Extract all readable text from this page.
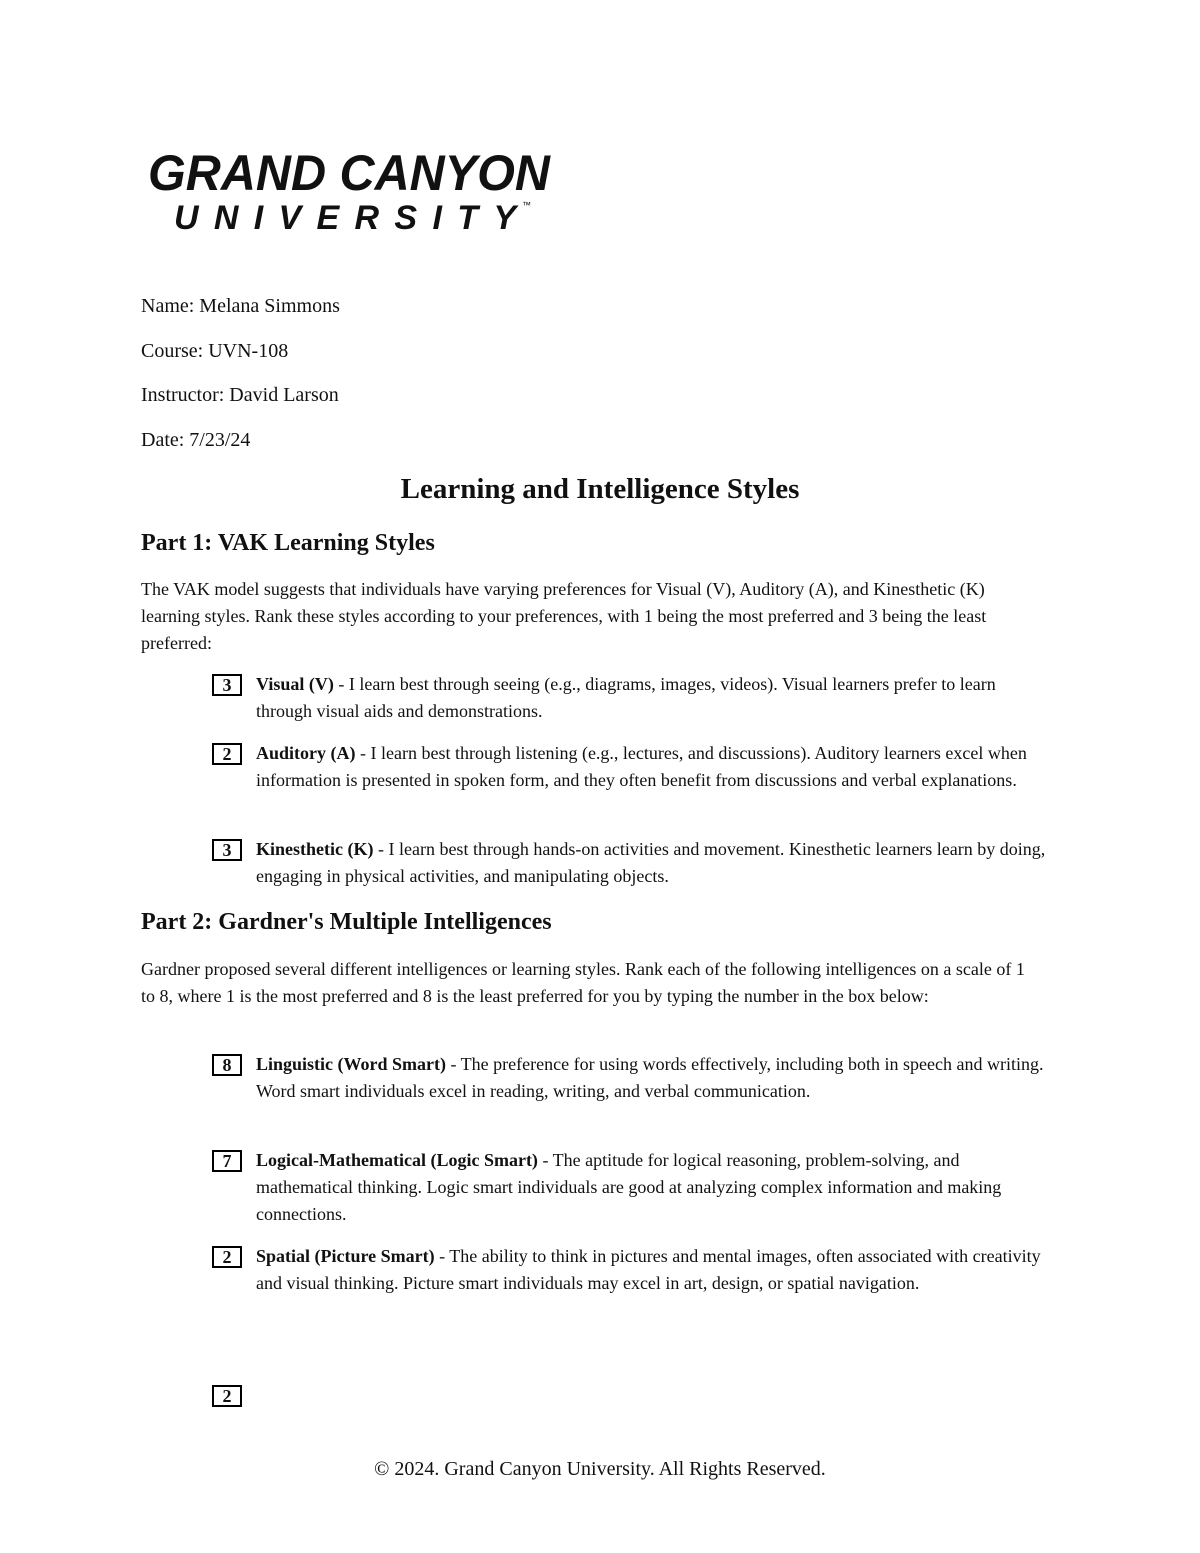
GRAND CANYON
UNIVERSITY ™
Name: Melana Simmons
Course: UVN-108
Instructor: David Larson
Date: 7/23/24
Learning and Intelligence Styles
Part 1: VAK Learning Styles

The VAK model suggests that individuals have varying preferences for Visual (V), Auditory (A), and Kinesthetic (K) learning styles. Rank these styles according to your preferences, with 1 being the most preferred and 3 being the least preferred:

3	Visual (V) - I learn best through seeing (e.g., diagrams, images, videos). Visual learners prefer to learn through visual aids and demonstrations.

2	Auditory (A) - I learn best through listening (e.g., lectures, and discussions). Auditory learners excel when information is presented in spoken form, and they often benefit from discussions and verbal explanations.

3	Kinesthetic (K) - I learn best through hands-on activities and movement. Kinesthetic learners learn by doing, engaging in physical activities, and manipulating objects.

Part 2: Gardner's Multiple Intelligences

Gardner proposed several different intelligences or learning styles. Rank each of the following intelligences on a scale of 1 to 8, where 1 is the most preferred and 8 is the least preferred for you by typing the number in the box below:

8	Linguistic (Word Smart) - The preference for using words effectively, including both in speech and writing. Word smart individuals excel in reading, writing, and verbal communication.

7	Logical-Mathematical (Logic Smart) - The aptitude for logical reasoning, problem-solving, and mathematical thinking. Logic smart individuals are good at analyzing complex information and making connections.

2	Spatial (Picture Smart) - The ability to think in pictures and mental images, often associated with creativity and visual thinking. Picture smart individuals may excel in art, design, or spatial navigation.

2
© 2024. Grand Canyon University. All Rights Reserved.
